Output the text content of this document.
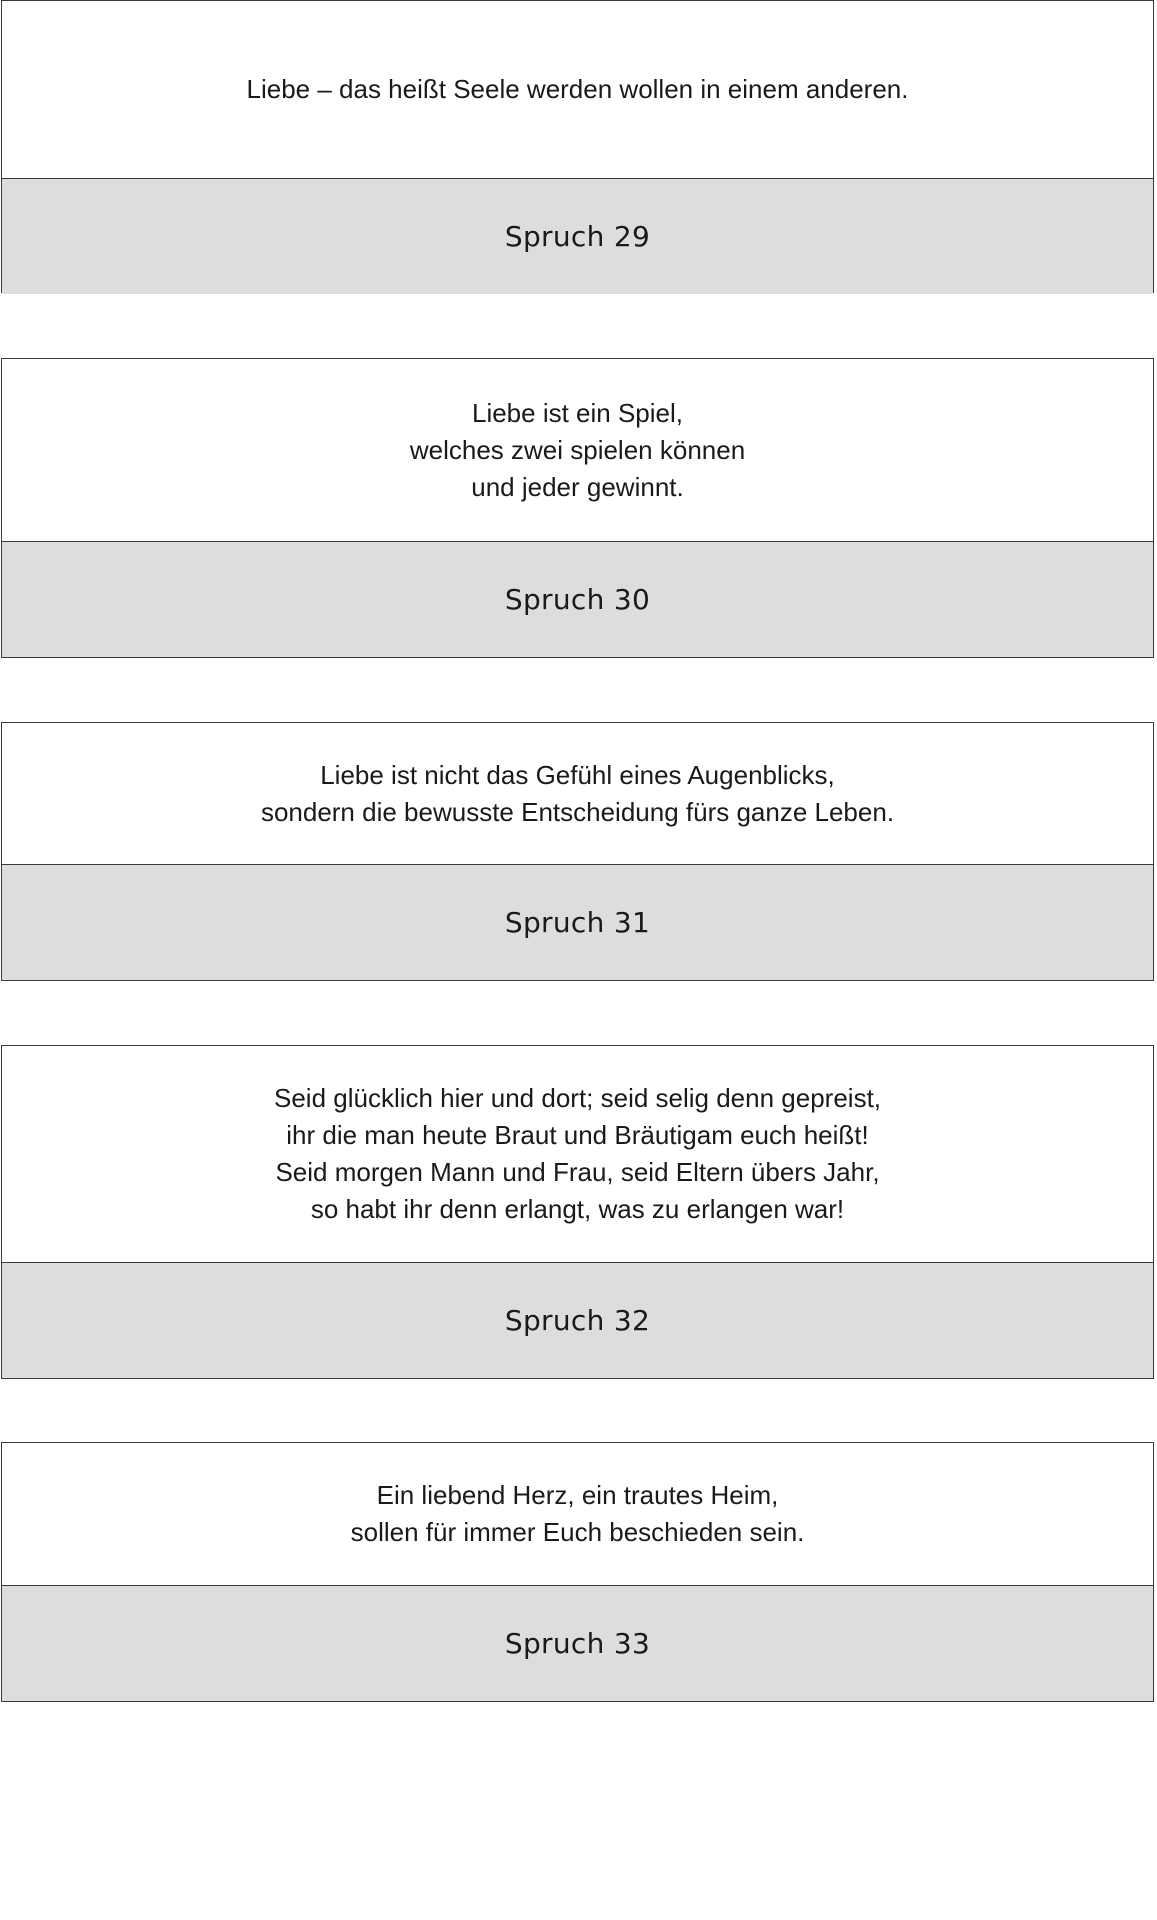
Liebe – das heißt Seele werden wollen in einem anderen.
Spruch 29
Liebe ist ein Spiel,
welches zwei spielen können
und jeder gewinnt.
Spruch 30
Liebe ist nicht das Gefühl eines Augenblicks,
sondern die bewusste Entscheidung fürs ganze Leben.
Spruch 31
Seid glücklich hier und dort; seid selig denn gepreist,
ihr die man heute Braut und Bräutigam euch heißt!
Seid morgen Mann und Frau, seid Eltern übers Jahr,
so habt ihr denn erlangt, was zu erlangen war!
Spruch 32
Ein liebend Herz, ein trautes Heim,
sollen für immer Euch beschieden sein.
Spruch 33
